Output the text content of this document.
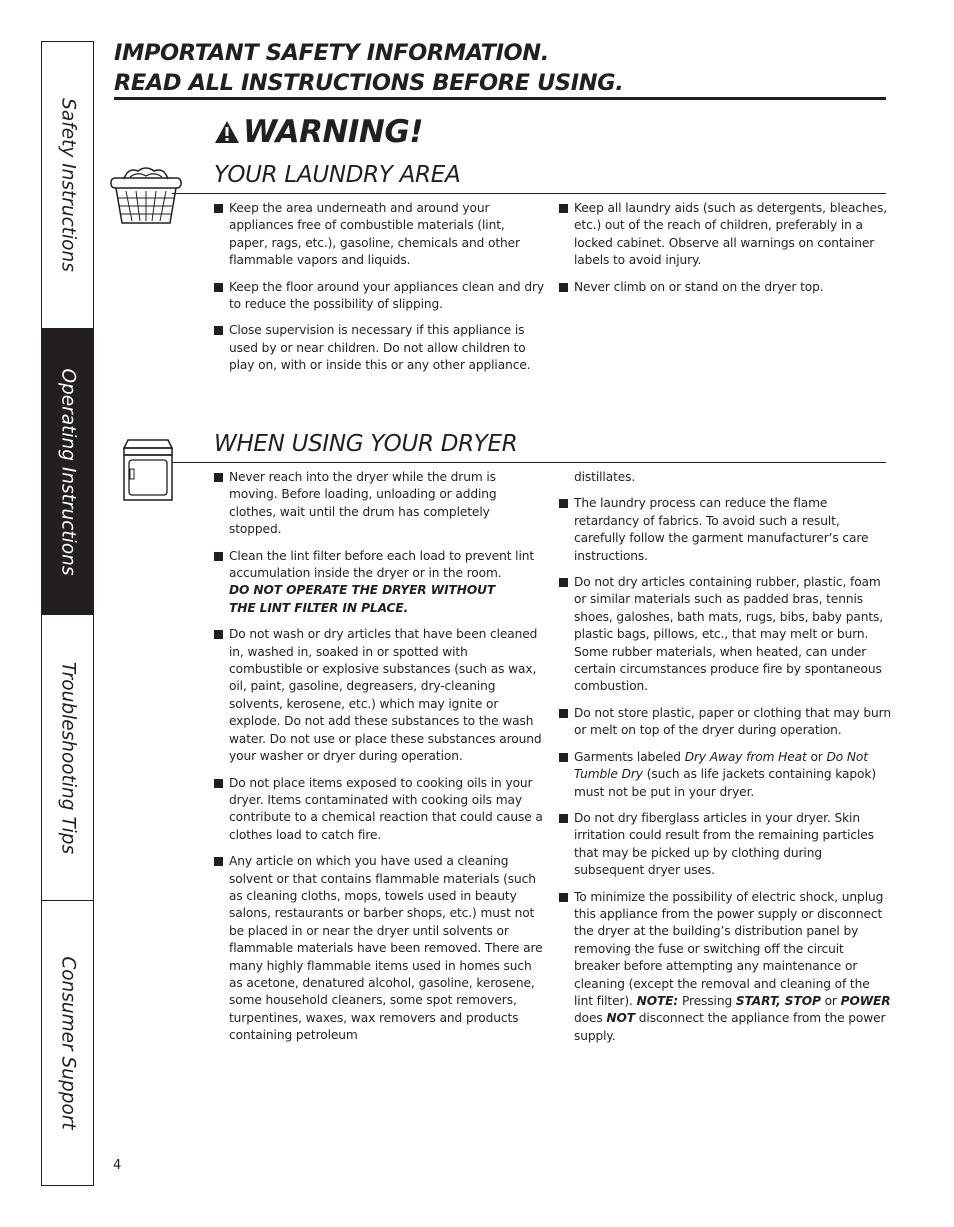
Safety Instructions
Operating Instructions
Troubleshooting Tips
Consumer Support
IMPORTANT SAFETY INFORMATION.
READ ALL INSTRUCTIONS BEFORE USING.
WARNING!
YOUR LAUNDRY AREA
Keep the area underneath and around your appliances free of combustible materials (lint, paper, rags, etc.), gasoline, chemicals and other flammable vapors and liquids.
Keep the floor around your appliances clean and dry to reduce the possibility of slipping.
Close supervision is necessary if this appliance is used by or near children. Do not allow children to play on, with or inside this or any other appliance.
Keep all laundry aids (such as detergents, bleaches, etc.) out of the reach of children, preferably in a locked cabinet. Observe all warnings on container labels to avoid injury.
Never climb on or stand on the dryer top.
WHEN USING YOUR DRYER
Never reach into the dryer while the drum is moving. Before loading, unloading or adding clothes, wait until the drum has completely stopped.
Clean the lint filter before each load to prevent lint accumulation inside the dryer or in the room.
DO NOT OPERATE THE DRYER WITHOUT
THE LINT FILTER IN PLACE.
Do not wash or dry articles that have been cleaned in, washed in, soaked in or spotted with combustible or explosive substances (such as wax, oil, paint, gasoline, degreasers, dry-cleaning solvents, kerosene, etc.) which may ignite or explode. Do not add these substances to the wash water. Do not use or place these substances around your washer or dryer during operation.
Do not place items exposed to cooking oils in your dryer. Items contaminated with cooking oils may contribute to a chemical reaction that could cause a clothes load to catch fire.
Any article on which you have used a cleaning solvent or that contains flammable materials (such as cleaning cloths, mops, towels used in beauty salons, restaurants or barber shops, etc.) must not be placed in or near the dryer until solvents or flammable materials have been removed. There are many highly flammable items used in homes such as acetone, denatured alcohol, gasoline, kerosene, some household cleaners, some spot removers, turpentines, waxes, wax removers and products containing petroleum
distillates.
The laundry process can reduce the flame retardancy of fabrics. To avoid such a result, carefully follow the garment manufacturer’s care instructions.
Do not dry articles containing rubber, plastic, foam or similar materials such as padded bras, tennis shoes, galoshes, bath mats, rugs, bibs, baby pants, plastic bags, pillows, etc., that may melt or burn. Some rubber materials, when heated, can under certain circumstances produce fire by spontaneous combustion.
Do not store plastic, paper or clothing that may burn or melt on top of the dryer during operation.
Garments labeled Dry Away from Heat or Do Not Tumble Dry (such as life jackets containing kapok) must not be put in your dryer.
Do not dry fiberglass articles in your dryer. Skin irritation could result from the remaining particles that may be picked up by clothing during subsequent dryer uses.
To minimize the possibility of electric shock, unplug this appliance from the power supply or disconnect the dryer at the building’s distribution panel by removing the fuse or switching off the circuit breaker before attempting any maintenance or cleaning (except the removal and cleaning of the lint filter). NOTE: Pressing START, STOP or POWER does NOT disconnect the appliance from the power supply.
4
